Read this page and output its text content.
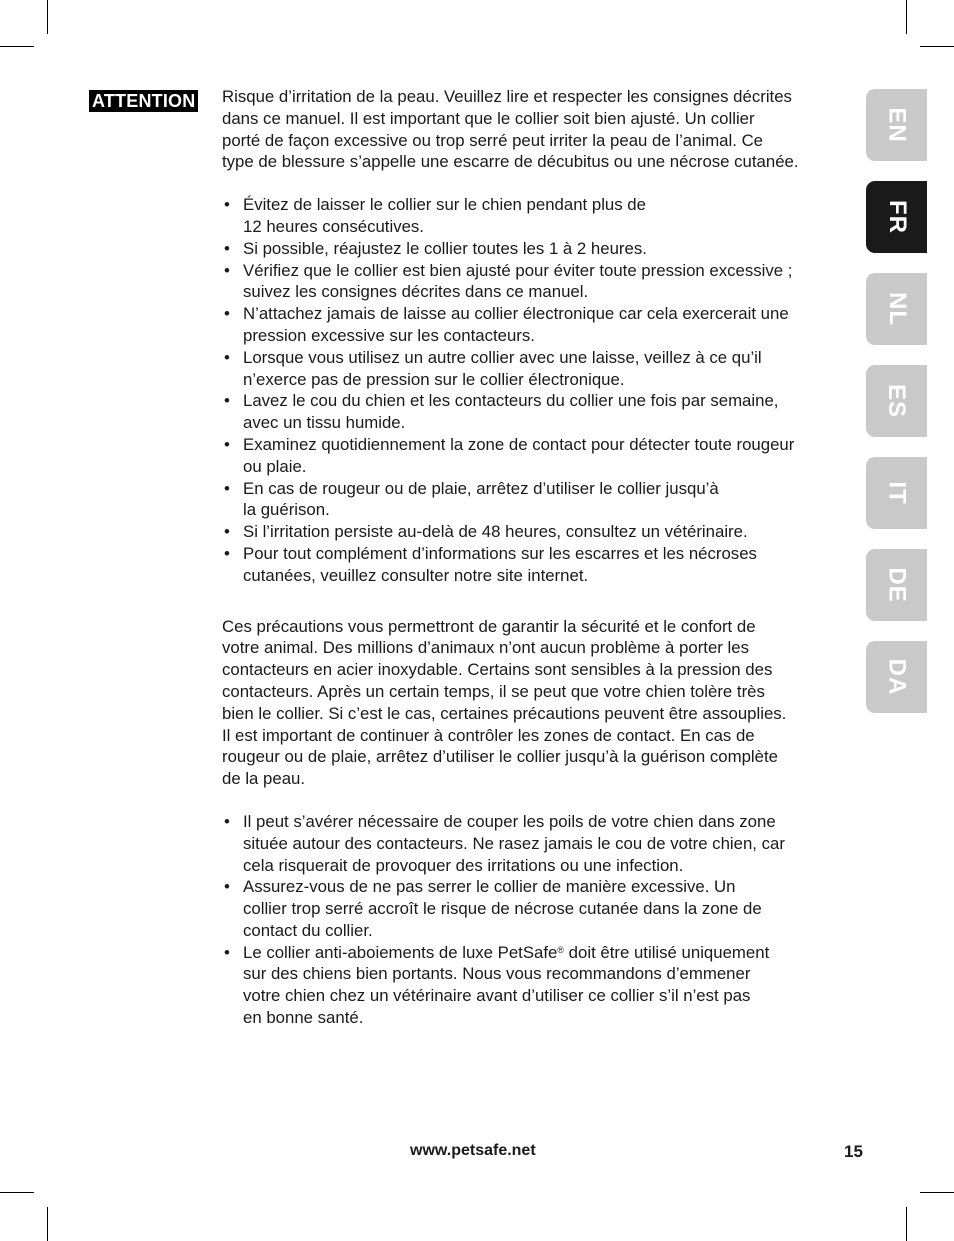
ATTENTION Risque d’irritation de la peau. Veuillez lire et respecter les consignes décrites
dans ce manuel. Il est important que le collier soit bien ajusté. Un collier
porté de façon excessive ou trop serré peut irriter la peau de l’animal. Ce
type de blessure s’appelle une escarre de décubitus ou une nécrose cutanée.

• Évitez de laisser le collier sur le chien pendant plus de
12 heures consécutives.
• Si possible, réajustez le collier toutes les 1 à 2 heures.
• Vérifiez que le collier est bien ajusté pour éviter toute pression excessive ;
suivez les consignes décrites dans ce manuel.
• N’attachez jamais de laisse au collier électronique car cela exercerait une
pression excessive sur les contacteurs.
• Lorsque vous utilisez un autre collier avec une laisse, veillez à ce qu’il
n’exerce pas de pression sur le collier électronique.
• Lavez le cou du chien et les contacteurs du collier une fois par semaine,
avec un tissu humide.
• Examinez quotidiennement la zone de contact pour détecter toute rougeur
ou plaie.
• En cas de rougeur ou de plaie, arrêtez d’utiliser le collier jusqu’à
la guérison.
• Si l’irritation persiste au-delà de 48 heures, consultez un vétérinaire.
• Pour tout complément d’informations sur les escarres et les nécroses
cutanées, veuillez consulter notre site internet.

Ces précautions vous permettront de garantir la sécurité et le confort de
votre animal. Des millions d’animaux n’ont aucun problème à porter les
contacteurs en acier inoxydable. Certains sont sensibles à la pression des
contacteurs. Après un certain temps, il se peut que votre chien tolère très
bien le collier. Si c’est le cas, certaines précautions peuvent être assouplies.
Il est important de continuer à contrôler les zones de contact. En cas de
rougeur ou de plaie, arrêtez d’utiliser le collier jusqu’à la guérison complète
de la peau.

• Il peut s’avérer nécessaire de couper les poils de votre chien dans zone
située autour des contacteurs. Ne rasez jamais le cou de votre chien, car
cela risquerait de provoquer des irritations ou une infection.
• Assurez-vous de ne pas serrer le collier de manière excessive. Un
collier trop serré accroît le risque de nécrose cutanée dans la zone de
contact du collier.
• Le collier anti-aboiements de luxe PetSafe® doit être utilisé uniquement
sur des chiens bien portants. Nous vous recommandons d’emmener
votre chien chez un vétérinaire avant d’utiliser ce collier s’il n’est pas
en bonne santé.
EN
FR
NL
ES
IT
DE
DA
www.petsafe.net	15
